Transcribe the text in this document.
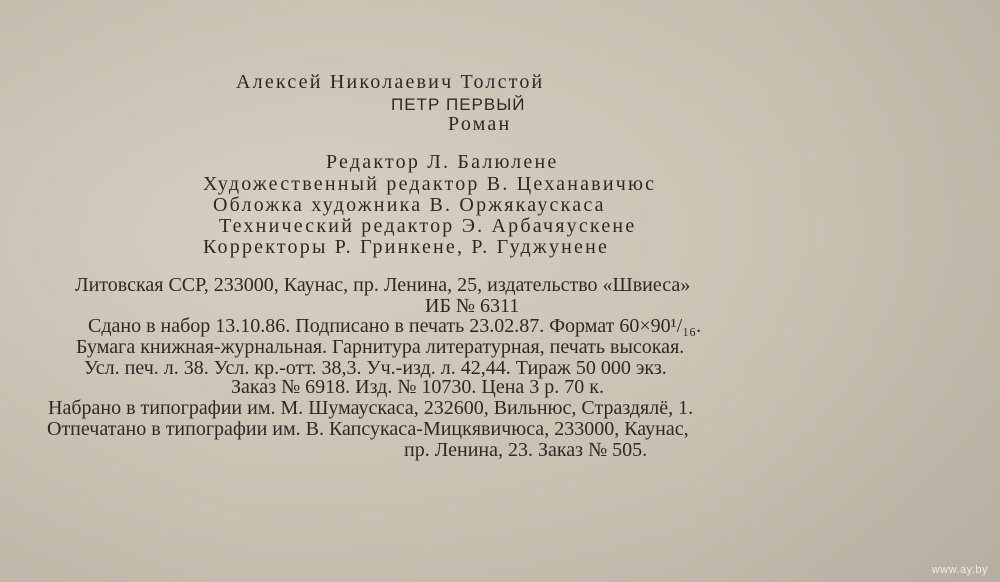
Алексей Николаевич Толстой
ПЕТР ПЕРВЫЙ
Роман
Редактор Л. Балюлене
Художественный редактор В. Цеханавичюс
Обложка художника В. Оржякаускаса
Технический редактор Э. Арбачяускене
Корректоры Р. Гринкене, Р. Гуджунене
Литовская ССР, 233000, Каунас, пр. Ленина, 25, издательство «Швиеса»
ИБ № 6311
Сдано в набор 13.10.86. Подписано в печать 23.02.87. Формат 60×90¹/₁₆.
Бумага книжная-журнальная. Гарнитура литературная, печать высокая.
Усл. печ. л. 38. Усл. кр.-отт. 38,3. Уч.-изд. л. 42,44. Тираж 50 000 экз.
Заказ № 6918. Изд. № 10730. Цена 3 р. 70 к.
Набрано в типографии им. М. Шумаускаса, 232600, Вильнюс, Страздялё, 1.
Отпечатано в типографии им. В. Капсукаса-Мицкявичюса, 233000, Каунас,
пр. Ленина, 23. Заказ № 505.
www.ay.by
